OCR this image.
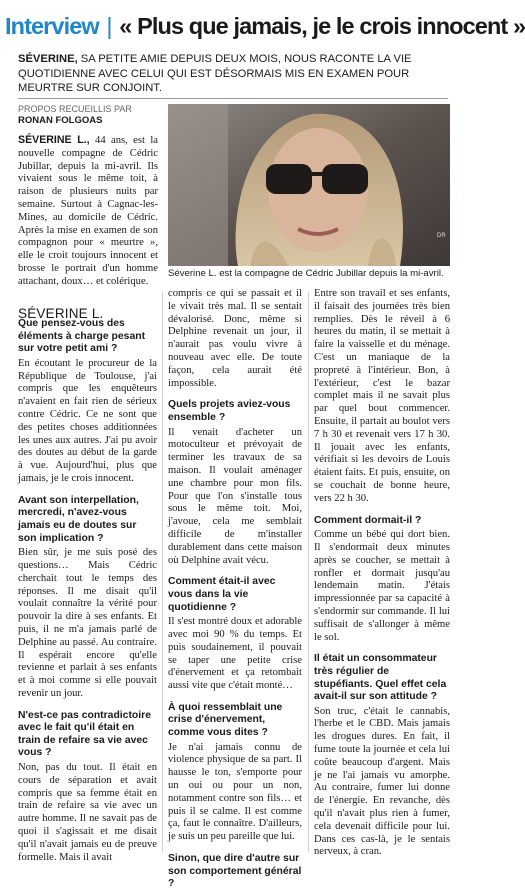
Interview | « Plus que jamais, je le crois innocent »
SÉVERINE, SA PETITE AMIE DEPUIS DEUX MOIS, NOUS RACONTE LA VIE QUOTIDIENNE AVEC CELUI QUI EST DÉSORMAIS MIS EN EXAMEN POUR MEURTRE SUR CONJOINT.
PROPOS RECUEILLIS PAR
RONAN FOLGOAS
SÉVERINE L., 44 ans, est la nouvelle compagne de Cédric Jubillar, depuis la mi-avril. Ils vivaient sous le même toit, à raison de plusieurs nuits par semaine. Surtout à Cagnac-les-Mines, au domicile de Cédric. Après la mise en examen de son compagnon pour « meurtre », elle le croit toujours innocent et brosse le portrait d'un homme attachant, doux… et colérique.
SÉVERINE L.
DR
Séverine L. est la compagne de Cédric Jubillar depuis la mi-avril.
Que pensez-vous des éléments à charge pesant sur votre petit ami ?

En écoutant le procureur de la République de Toulouse, j'ai compris que les enquêteurs n'avaient en fait rien de sérieux contre Cédric. Ce ne sont que des petites choses additionnées les unes aux autres. J'ai pu avoir des doutes au début de la garde à vue. Aujourd'hui, plus que jamais, je le crois innocent.

Avant son interpellation, mercredi, n'avez-vous jamais eu de doutes sur son implication ?

Bien sûr, je me suis posé des questions… Mais Cédric cherchait tout le temps des réponses. Il me disait qu'il voulait connaître la vérité pour pouvoir la dire à ses enfants. Et puis, il ne m'a jamais parlé de Delphine au passé. Au contraire. Il espérait encore qu'elle revienne et parlait à ses enfants et à moi comme si elle pouvait revenir un jour.

N'est-ce pas contradictoire avec le fait qu'il était en train de refaire sa vie avec vous ?

Non, pas du tout. Il était en cours de séparation et avait compris que sa femme était en train de refaire sa vie avec un autre homme. Il ne savait pas de quoi il s'agissait et me disait qu'il n'avait jamais eu de preuve formelle. Mais il avait

compris ce qui se passait et il le vivait très mal. Il se sentait dévalorisé. Donc, même si Delphine revenait un jour, il n'aurait pas voulu vivre à nouveau avec elle. De toute façon, cela aurait été impossible.

Quels projets aviez-vous ensemble ?

Il venait d'acheter un motoculteur et prévoyait de terminer les travaux de sa maison. Il voulait aménager une chambre pour mon fils. Pour que l'on s'installe tous sous le même toit. Moi, j'avoue, cela me semblait difficile de m'installer durablement dans cette maison où Delphine avait vécu.

Comment était-il avec vous dans la vie quotidienne ?

Il s'est montré doux et adorable avec moi 90 % du temps. Et puis soudainement, il pouvait se taper une petite crise d'énervement et ça retombait aussi vite que c'était monté…

À quoi ressemblait une crise d'énervement, comme vous dites ?

Je n'ai jamais connu de violence physique de sa part. Il hausse le ton, s'emporte pour un oui ou pour un non, notamment contre son fils… et puis il se calme. Il est comme ça, faut le connaître. D'ailleurs, je suis un peu pareille que lui.

Sinon, que dire d'autre sur son comportement général ?

Entre son travail et ses enfants, il faisait des journées très bien remplies. Dès le réveil à 6 heures du matin, il se mettait à faire la vaisselle et du ménage. C'est un maniaque de la propreté à l'intérieur. Bon, à l'extérieur, c'est le bazar complet mais il ne savait plus par quel bout commencer. Ensuite, il partait au boulot vers 7 h 30 et revenait vers 17 h 30. Il jouait avec les enfants, vérifiait si les devoirs de Louis étaient faits. Et puis, ensuite, on se couchait de bonne heure, vers 22 h 30.

Comment dormait-il ?

Comme un bébé qui dort bien. Il s'endormait deux minutes après se coucher, se mettait à ronfler et dormait jusqu'au lendemain matin. J'étais impressionnée par sa capacité à s'endormir sur commande. Il lui suffisait de s'allonger à même le sol.

Il était un consommateur très régulier de stupéfiants. Quel effet cela avait-il sur son attitude ?

Son truc, c'était le cannabis, l'herbe et le CBD. Mais jamais les drogues dures. En fait, il fume toute la journée et cela lui coûte beaucoup d'argent. Mais je ne l'ai jamais vu amorphe. Au contraire, fumer lui donne de l'énergie. En revanche, dès qu'il n'avait plus rien à fumer, cela devenait difficile pour lui. Dans ces cas-là, je le sentais nerveux, à cran.
